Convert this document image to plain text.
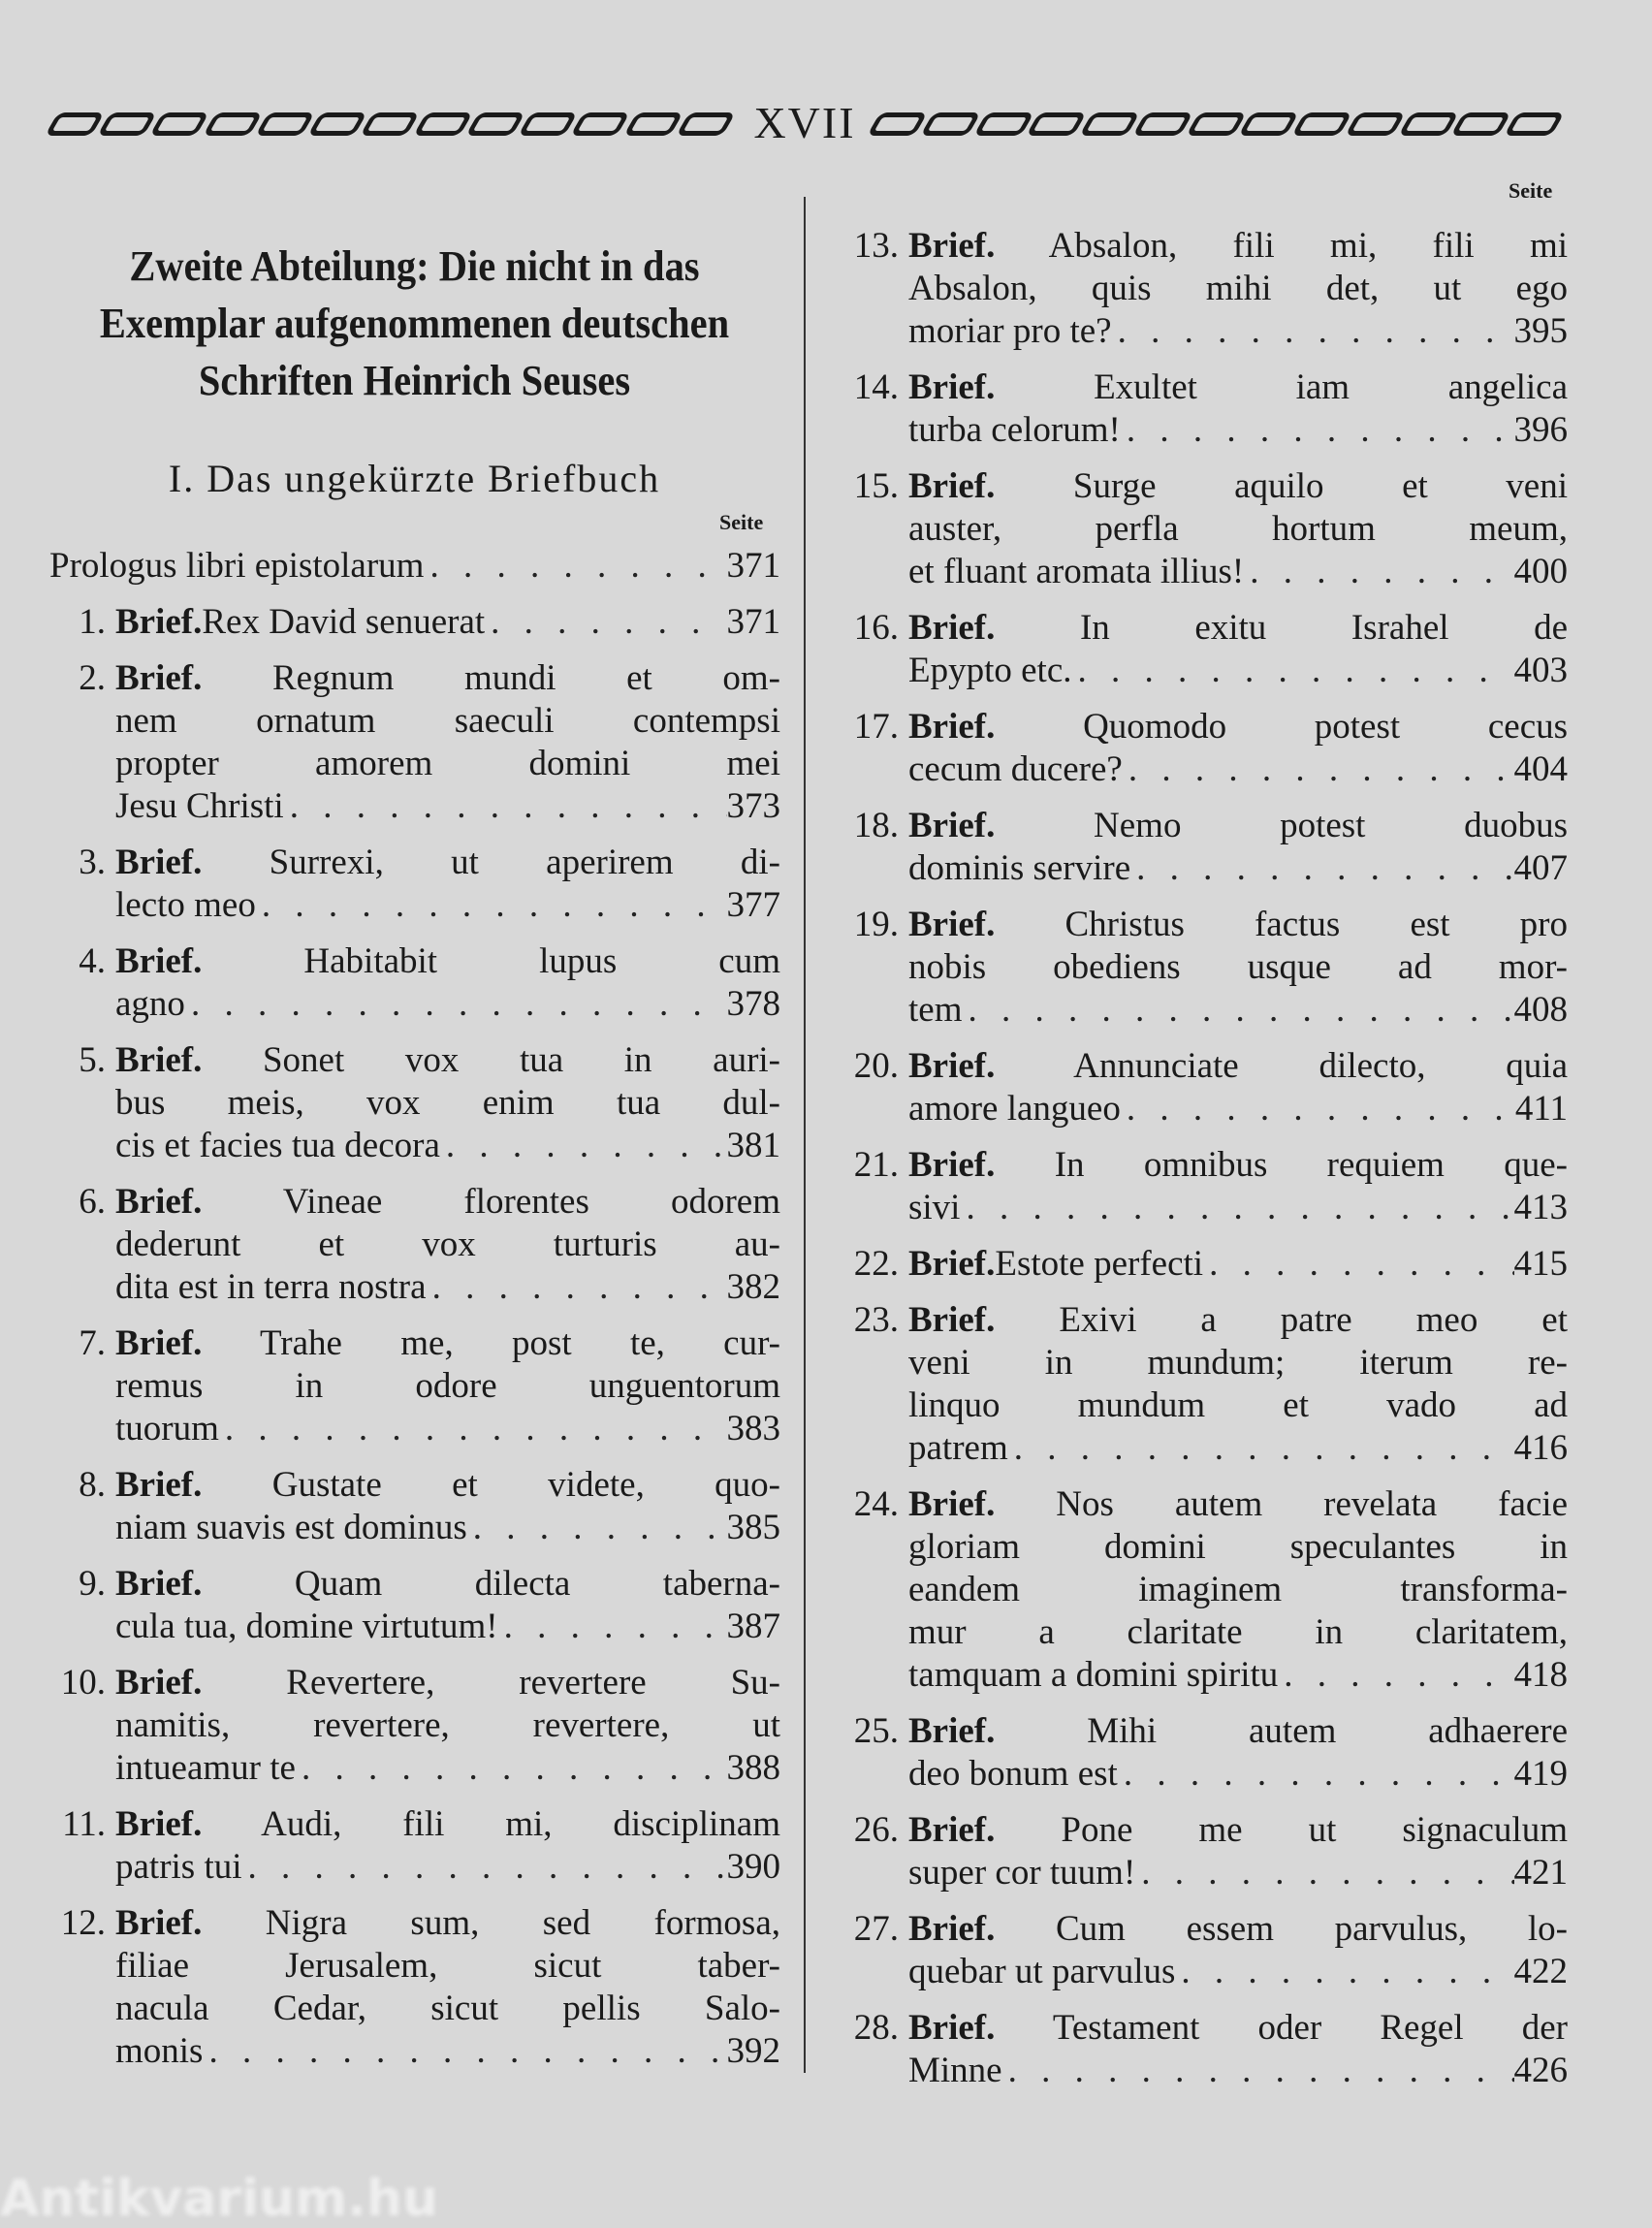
XVII
Seite
Seite
Zweite Abteilung: Die nicht in das
Exemplar aufgenommenen deutschen
Schriften Heinrich Seuses
I. Das ungekürzte Briefbuch
Prologus libri epistolarum . . .	371
1. Brief. Rex David senuerat . . .	371
2. Brief. Regnum mundi et om-
nem ornatum saeculi contempsi
propter amorem domini mei
Jesu Christi . . .	373
3. Brief. Surrexi, ut aperirem di-
lecto meo . . .	377
4. Brief.	Habitabit lupus cum
agno . . .	378
5. Brief. Sonet vox tua in auri-
bus meis, vox enim tua dul-
cis et facies tua decora . . .	381
6. Brief. Vineae florentes odorem
dederunt et vox turturis au-
dita est in terra nostra . . .	382
7. Brief. Trahe me, post te, cur-
remus in odore unguentorum
tuorum . . .	383
8. Brief. Gustate et videte, quo-
niam suavis est dominus . . .	385
9. Brief.	Quam dilecta taberna-
cula tua, domine virtutum! . . .	387
10. Brief. Revertere, revertere Su-
namitis, revertere, revertere, ut
intueamur te . . .	388
11. Brief. Audi, fili mi, disciplinam
patris tui . . .	390
12. Brief. Nigra sum, sed formosa,
filiae Jerusalem, sicut taber-
nacula Cedar, sicut pellis Salo-
monis . . .	392
13. Brief. Absalon, fili mi, fili mi
Absalon, quis mihi det, ut ego
moriar pro te? . . .	395
14. Brief.	Exultet iam angelica
turba celorum! . . .	396
15. Brief. Surge aquilo et veni
auster, perfla hortum meum,
et fluant aromata illius! . . .	400
16. Brief. In exitu Israhel de
Epypto etc. . . .	403
17. Brief. Quomodo potest cecus
cecum ducere? . . .	404
18. Brief.	Nemo potest duobus
dominis servire . . .	407
19. Brief. Christus factus est pro
nobis obediens usque ad mor-
tem . . .	408
20. Brief. Annunciate dilecto, quia
amore langueo . . .	411
21. Brief. In omnibus requiem que-
sivi . . .	413
22. Brief. Estote perfecti . . .	415
23. Brief. Exivi a patre meo et
veni in mundum; iterum re-
linquo mundum et vado ad
patrem . . .	416
24. Brief. Nos autem revelata facie
gloriam domini speculantes in
eandem imaginem transforma-
mur a claritate in claritatem,
tamquam a domini spiritu . . .	418
25. Brief.	Mihi autem adhaerere
deo bonum est . . .	419
26. Brief. Pone me ut signaculum
super cor tuum! . . .	421
27. Brief. Cum essem parvulus, lo-
quebar ut parvulus . . .	422
28. Brief. Testament oder Regel der
Minne . . .	426
Antikvarium.hu
